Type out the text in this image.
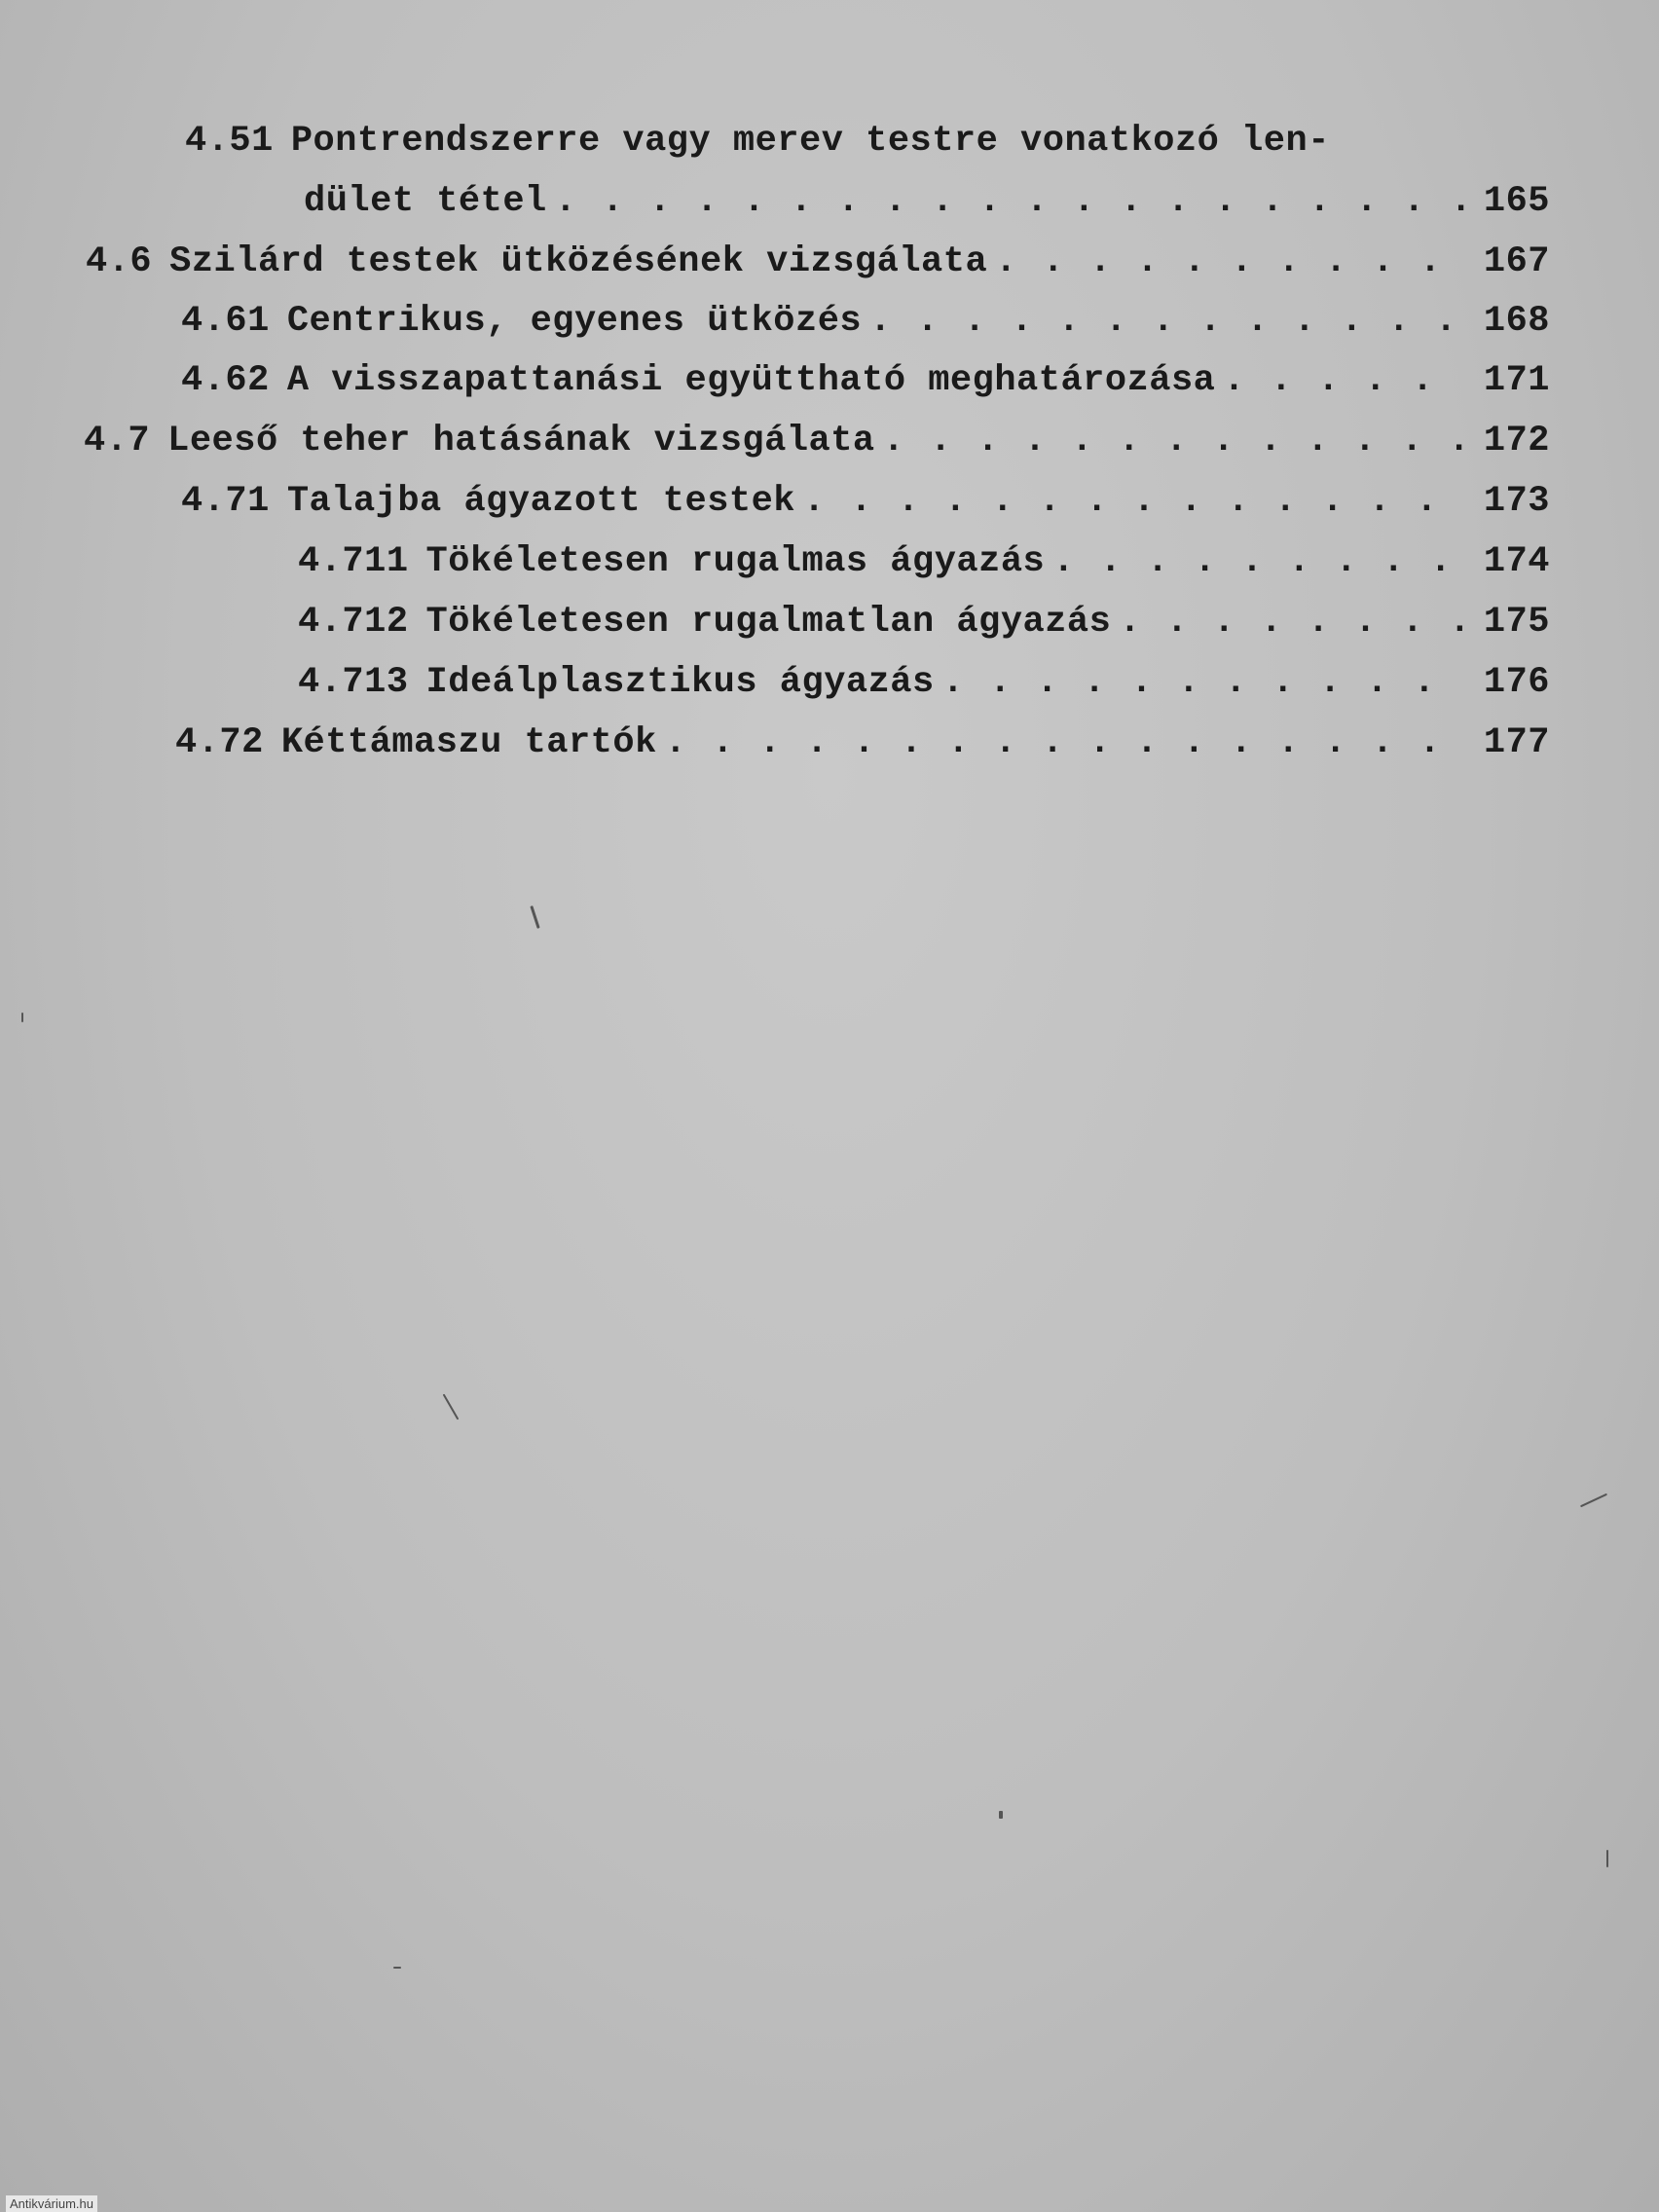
4.51 Pontrendszerre vagy merev testre vonatkozó len-
dület tétel . . .	165
4.6 Szilárd testek ütközésének vizsgálata . . .	167
4.61 Centrikus, egyenes ütközés . . .	168
4.62 A visszapattanási együttható meghatározása . . .	171
4.7 Leeső teher hatásának vizsgálata . . .	172
4.71 Talajba ágyazott testek . . .	173
4.711 Tökéletesen rugalmas ágyazás . . .	174
4.712 Tökéletesen rugalmatlan ágyazás . . .	175
4.713 Ideálplasztikus ágyazás . . .	176
4.72 Kéttámaszu tartók . . .	177
Antikvárium.hu
